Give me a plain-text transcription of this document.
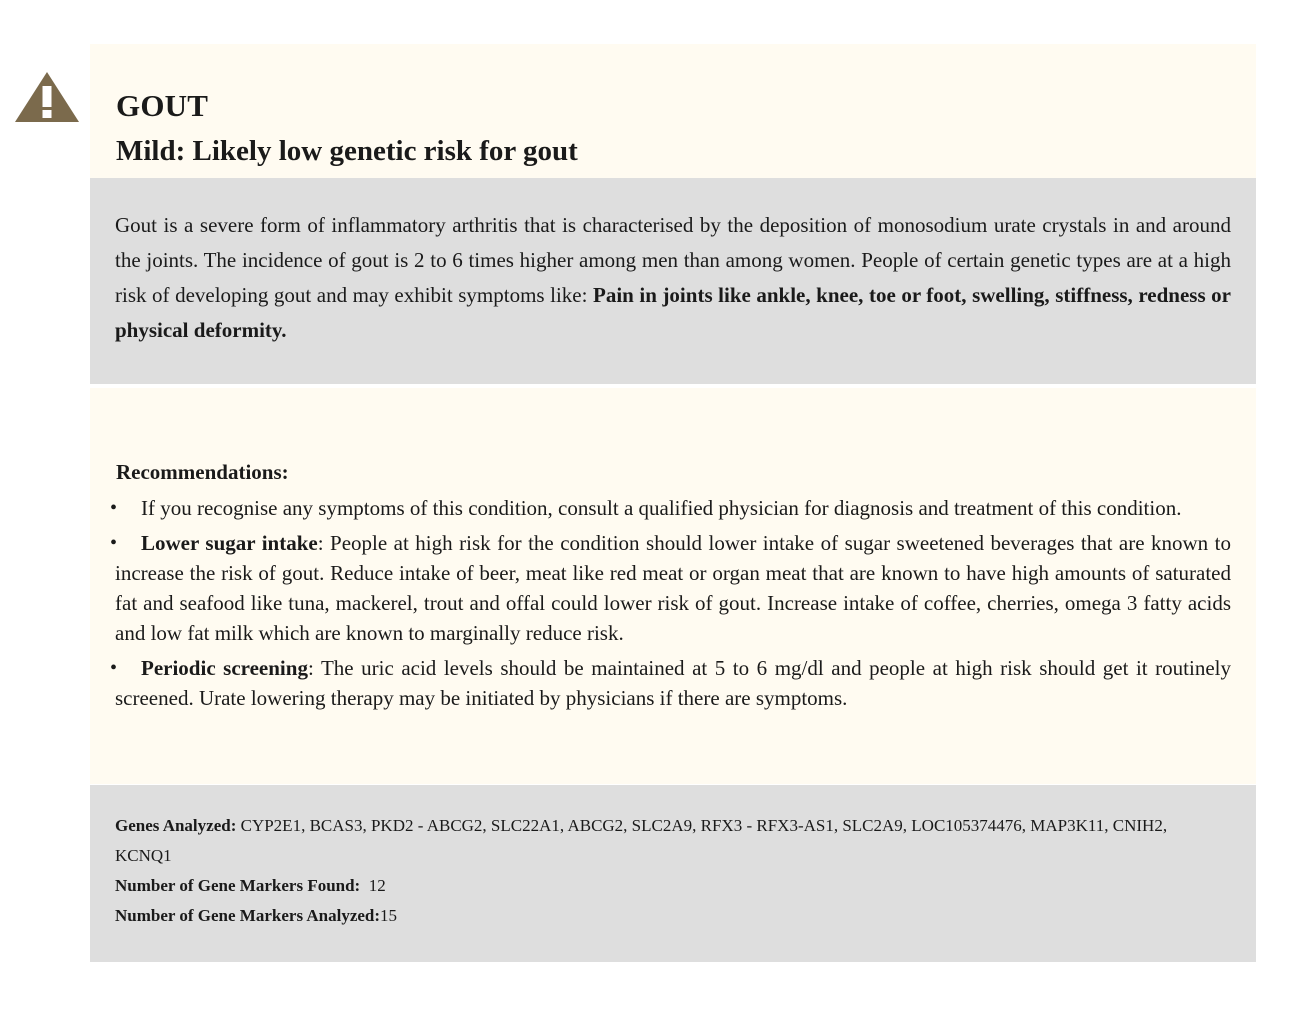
GOUT
Mild: Likely low genetic risk for gout

Gout is a severe form of inflammatory arthritis that is characterised by the deposition of monosodium urate crystals in and around the joints. The incidence of gout is 2 to 6 times higher among men than among women. People of certain genetic types are at a high risk of developing gout and may exhibit symptoms like: Pain in joints like ankle, knee, toe or foot, swelling, stiffness, redness or physical deformity.

Recommendations:

• If you recognise any symptoms of this condition, consult a qualified physician for diagnosis and treatment of this condition.
• Lower sugar intake: People at high risk for the condition should lower intake of sugar sweetened beverages that are known to increase the risk of gout. Reduce intake of beer, meat like red meat or organ meat that are known to have high amounts of saturated fat and seafood like tuna, mackerel, trout and offal could lower risk of gout. Increase intake of coffee, cherries, omega 3 fatty acids and low fat milk which are known to marginally reduce risk.
• Periodic screening: The uric acid levels should be maintained at 5 to 6 mg/dl and people at high risk should get it routinely screened. Urate lowering therapy may be initiated by physicians if there are symptoms.

Genes Analyzed: CYP2E1, BCAS3, PKD2 - ABCG2, SLC22A1, ABCG2, SLC2A9, RFX3 - RFX3-AS1, SLC2A9, LOC105374476, MAP3K11, CNIH2, KCNQ1

Number of Gene Markers Found:  12

Number of Gene Markers Analyzed:15
